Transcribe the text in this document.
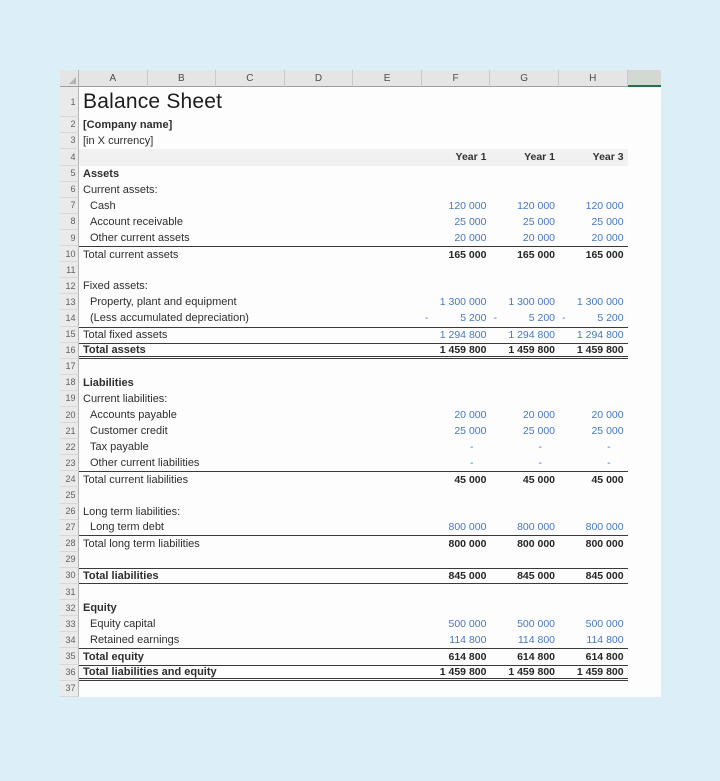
A	B	C	D	E	F	G	H
1 Balance Sheet
2 [Company name]
3 [in X currency]
4	Year 1	Year 1	Year 3
5 Assets
6 Current assets:
7	Cash	120 000	120 000	120 000
8	Account receivable	25 000	25 000	25 000
9	Other current assets	20 000	20 000	20 000
10 Total current assets	165 000	165 000	165 000
11
12 Fixed assets:
13	Property, plant and equipment	1 300 000	1 300 000	1 300 000
14	(Less accumulated depreciation)	-	5 200 -	5 200 -	5 200
15 Total fixed assets	1 294 800	1 294 800	1 294 800
16 Total assets	1 459 800	1 459 800	1 459 800
17
18 Liabilities
19 Current liabilities:
20	Accounts payable	20 000	20 000	20 000
21	Customer credit	25 000	25 000	25 000
22	Tax payable	-	-	-
23	Other current liabilities	-	-	-
24 Total current liabilities	45 000	45 000	45 000
25
26 Long term liabilities:
27	Long term debt	800 000	800 000	800 000
28 Total long term liabilities	800 000	800 000	800 000
29
30 Total liabilities	845 000	845 000	845 000
31
32 Equity
33	Equity capital	500 000	500 000	500 000
34	Retained earnings	114 800	114 800	114 800
35 Total equity	614 800	614 800	614 800
36 Total liabilities and equity	1 459 800	1 459 800	1 459 800
37
